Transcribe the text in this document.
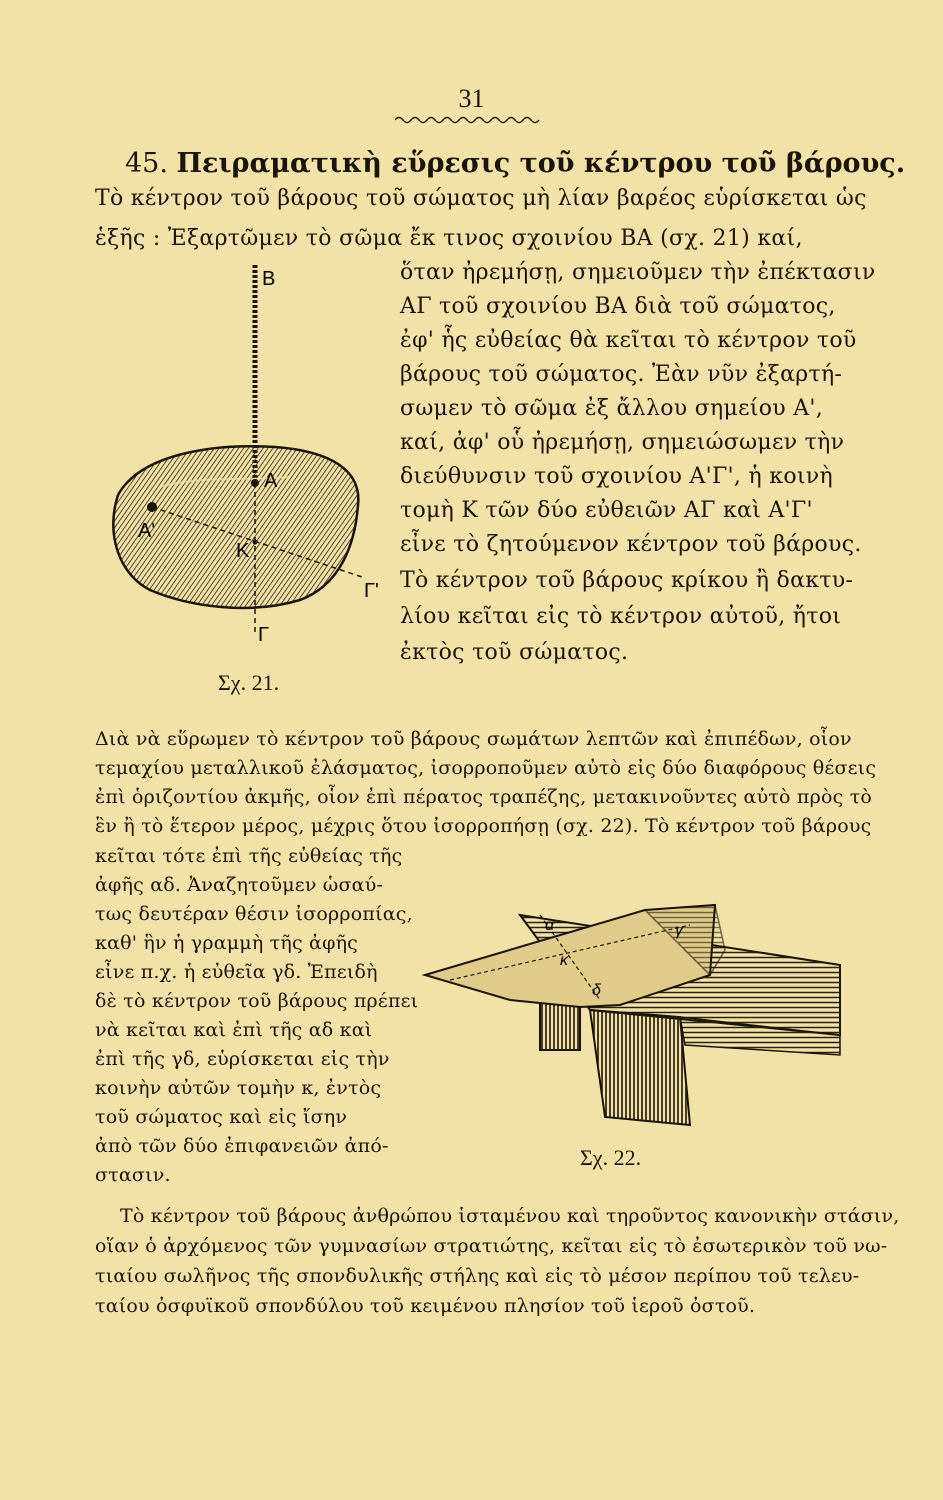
31
45. Πειραματικὴ εὕρεσις τοῦ κέντρου τοῦ βάρους.
Τὸ κέντρον τοῦ βάρους τοῦ σώματος μὴ λίαν βαρέος εὑρίσκεται ὡς
ἑξῆς : Ἐξαρτῶμεν τὸ σῶμα ἔκ τινος σχοινίου ΒΑ (σχ. 21) καί,
ὅταν ἠρεμήσῃ, σημειοῦμεν τὴν ἐπέκτασιν
ΑΓ τοῦ σχοινίου ΒΑ διὰ τοῦ σώματος,
ἐφ' ἧς εὐθείας θὰ κεῖται τὸ κέντρον τοῦ
βάρους τοῦ σώματος. Ἐὰν νῦν ἐξαρτή-
σωμεν τὸ σῶμα ἐξ ἄλλου σημείου Α',
καί, ἀφ' οὗ ἠρεμήσῃ, σημειώσωμεν τὴν
διεύθυνσιν τοῦ σχοινίου Α'Γ', ἡ κοινὴ
τομὴ Κ τῶν δύο εὐθειῶν ΑΓ καὶ Α'Γ'
εἶνε τὸ ζητούμενον κέντρον τοῦ βάρους.
Τὸ κέντρον τοῦ βάρους κρίκου ἢ δακτυ-
λίου κεῖται εἰς τὸ κέντρον αὐτοῦ, ἤτοι
ἐκτὸς τοῦ σώματος.
B
A
A'
K
Γ'
Γ
Σχ. 21.
Διὰ νὰ εὕρωμεν τὸ κέντρον τοῦ βάρους σωμάτων λεπτῶν καὶ ἐπιπέδων, οἷον
τεμαχίου μεταλλικοῦ ἐλάσματος, ἰσορροποῦμεν αὐτὸ εἰς δύο διαφόρους θέσεις
ἐπὶ ὁριζοντίου ἀκμῆς, οἷον ἐπὶ πέρατος τραπέζης, μετακινοῦντες αὐτὸ πρὸς τὸ
ἓν ἢ τὸ ἕτερον μέρος, μέχρις ὅτου ἰσορροπήσῃ (σχ. 22). Τὸ κέντρον τοῦ βάρους
κεῖται τότε ἐπὶ τῆς εὐθείας τῆς
ἀφῆς αδ. Ἀναζητοῦμεν ὡσαύ-
τως δευτέραν θέσιν ἰσορροπίας,
καθ' ἣν ἡ γραμμὴ τῆς ἀφῆς
εἶνε π.χ. ἡ εὐθεῖα γδ. Ἐπειδὴ
δὲ τὸ κέντρον τοῦ βάρους πρέπει
νὰ κεῖται καὶ ἐπὶ τῆς αδ καὶ
ἐπὶ τῆς γδ, εὑρίσκεται εἰς τὴν
κοινὴν αὐτῶν τομὴν κ, ἐντὸς
τοῦ σώματος καὶ εἰς ἴσην
ἀπὸ τῶν δύο ἐπιφανειῶν ἀπό-
στασιν.
α	γ
κ
δ
Σχ. 22.
Τὸ κέντρον τοῦ βάρους ἀνθρώπου ἱσταμένου καὶ τηροῦντος κανονικὴν στάσιν,
οἵαν ὁ ἀρχόμενος τῶν γυμνασίων στρατιώτης, κεῖται εἰς τὸ ἐσωτερικὸν τοῦ νω-
τιαίου σωλῆνος τῆς σπονδυλικῆς στήλης καὶ εἰς τὸ μέσον περίπου τοῦ τελευ-
ταίου ὀσφυϊκοῦ σπονδύλου τοῦ κειμένου πλησίον τοῦ ἱεροῦ ὀστοῦ.
